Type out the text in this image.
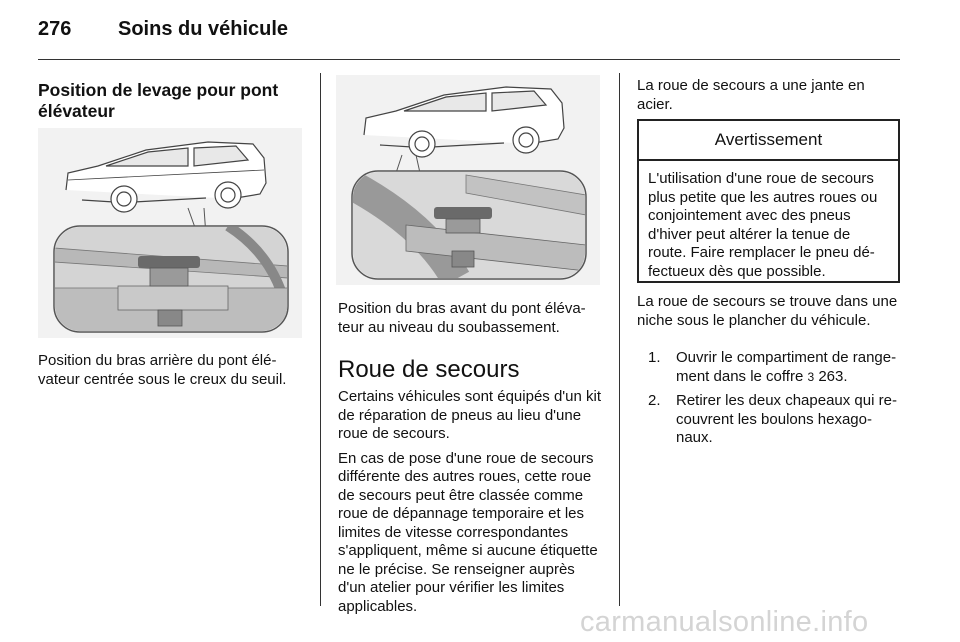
276 Soins du véhicule
Position de levage pour pont élévateur
Position du bras arrière du pont élévateur centrée sous le creux du seuil.
Position du bras avant du pont élévateur au niveau du soubassement.
Roue de secours

Certains véhicules sont équipés d'un kit de réparation de pneus au lieu d'une roue de secours.

En cas de pose d'une roue de secours différente des autres roues, cette roue de secours peut être classée comme roue de dépannage temporaire et les limites de vitesse correspondantes s'appliquent, même si aucune étiquette ne le précise. Se renseigner auprès d'un atelier pour vérifier les limites applicables.

La roue de secours a une jante en acier.
Avertissement
L'utilisation d'une roue de secours plus petite que les autres roues ou conjointement avec des pneus d'hiver peut altérer la tenue de route. Faire remplacer le pneu défectueux dès que possible.
La roue de secours se trouve dans une niche sous le plancher du véhicule.
1. Ouvrir le compartiment de rangement dans le coffre 3 263.
2. Retirer les deux chapeaux qui recouvrent les boulons hexagonaux.
carmanualsonline.info
